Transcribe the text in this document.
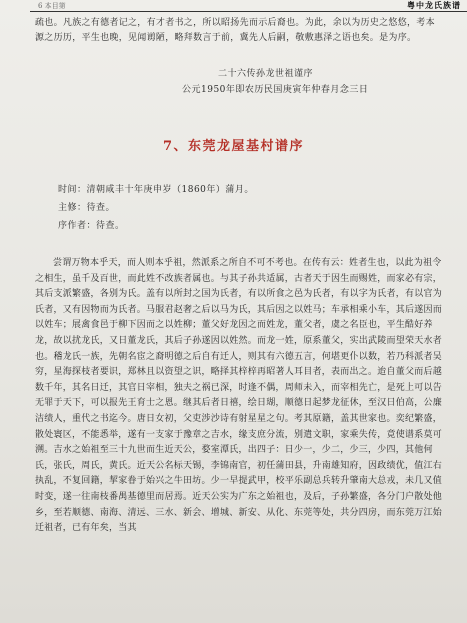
6 本目第	粤中龙氏族谱
疏也。凡族之有德者记之，有才者书之，所以昭扬先而示后裔也。为此，余以为历史之悠悠，考本源之历历，平生也晚，见闻谫陋，略拜数言于前，冀先人后嗣，敬敷惠泽之语也矣。是为序。
二十六传孙龙世祖谨序
公元1950年即农历民国庚寅年仲春月念三日
7、东莞龙屋基村谱序
时间：清朝咸丰十年庚申岁（1860年）蒲月。
主修：待查。
序作者：待查。

尝谓万物本乎天，而人则本乎祖，然派系之所自不可不考也。在传有云：姓者生也，以此为祖令之相生，虽千及百世，而此姓不改族者属也。与其子孙共适属，古者天于因生而赐姓，而家必有宗，其后支派繁盛，各别为氏。盖有以所封之国为氏者，有以所食之邑为氏者，有以字为氏者，有以官为氏者，又有因物而为氏者。马服君赵奢之后以马为氏，其后因之以姓马；车承相乘小车，其后遂因而以姓车；展禽食邑于柳下因而之以姓柳；董父好龙因之而姓龙，董父者，虞之名臣也，平生酷好养龙，故以扰龙氏，又日董龙氏，其后子孙遂因以姓然。而龙一姓，原系董父，实出武陵而望荣天水者也。稽龙氏一族，先朝名宦之裔明德之后自有迁人，则其有六德五言，何堪更仆以数，若乃科派者吴穷，星海探枝者要识，郑林且以资望之识，略择其梓梓再昭著人耳目者，表而出之。迨自董父而后越数千年，其名日迁，其官日宰相，独夫之祸已深，时逢不偶，周师未入，而宰相先亡，是死上可以告无罪于天下，可以报先王育士之恩。继其后者日禧，绘日瑚，顺德日起梦龙征休，至汉日伯高，公廉洁绩人，重代之书迄今。唐日女初，父吏涉沙诗有射星星之句。考其原籍，盖其世家也。奕纪繁盛，散处寰区，不能悉举，遂有一支家于豫章之吉水，缘支庶分流，别遣文职，家乘失传，竟使谱系莫可溯。吉水之始祖至三十九世而生近天公，婺室潭氏，出四子：日少一，少二，少三，少四，其他何氏，张氏，周氏，黄氏。近天公名标天锡，李锦南官，初任蒲田县，升南雄知府，因政绩优，值江右执乱，不复回籍，挈家眷于始兴之牛田坊。少一早提武甲，校平乐副总兵转升肇南大总戎，未几又值时变，遂一往南枝番禺基德里而居焉。近天公实为广东之始祖也，及后，子孙繁盛，各分门户散处他乡，至若顺德、南海、清远、三水、新会、增城、新安、从化、东莞等处，共分四房，而东莞万江始迁祖者，已有年矣，当其
